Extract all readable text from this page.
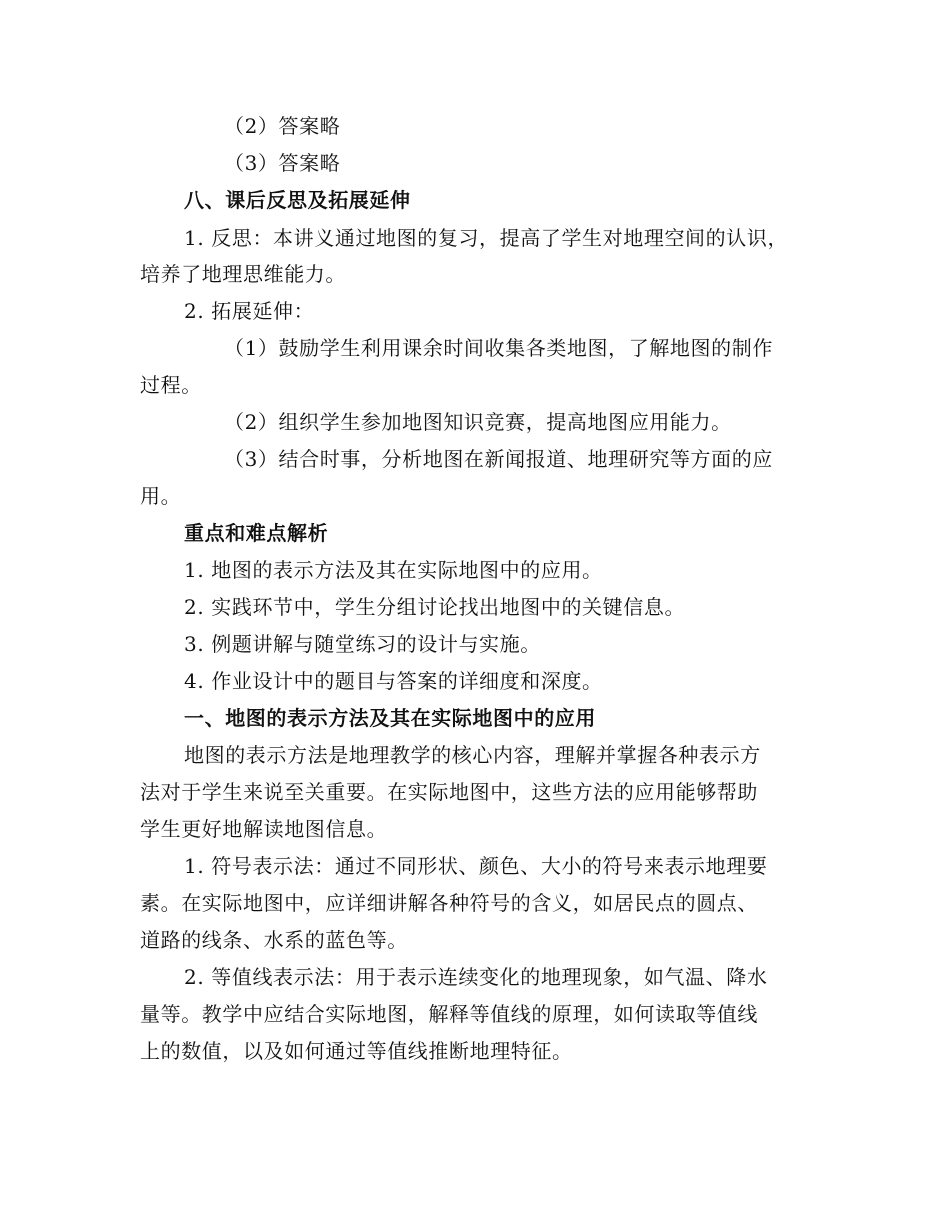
（2）答案略
（3）答案略
八、课后反思及拓展延伸
1. 反思：本讲义通过地图的复习，提高了学生对地理空间的认识，
培养了地理思维能力。
2. 拓展延伸：
（1）鼓励学生利用课余时间收集各类地图，了解地图的制作
过程。
（2）组织学生参加地图知识竞赛，提高地图应用能力。
（3）结合时事，分析地图在新闻报道、地理研究等方面的应
用。
重点和难点解析
1. 地图的表示方法及其在实际地图中的应用。
2. 实践环节中，学生分组讨论找出地图中的关键信息。
3. 例题讲解与随堂练习的设计与实施。
4. 作业设计中的题目与答案的详细度和深度。
一、地图的表示方法及其在实际地图中的应用
地图的表示方法是地理教学的核心内容，理解并掌握各种表示方
法对于学生来说至关重要。在实际地图中，这些方法的应用能够帮助
学生更好地解读地图信息。
1. 符号表示法：通过不同形状、颜色、大小的符号来表示地理要
素。在实际地图中，应详细讲解各种符号的含义，如居民点的圆点、
道路的线条、水系的蓝色等。
2. 等值线表示法：用于表示连续变化的地理现象，如气温、降水
量等。教学中应结合实际地图，解释等值线的原理，如何读取等值线
上的数值，以及如何通过等值线推断地理特征。
